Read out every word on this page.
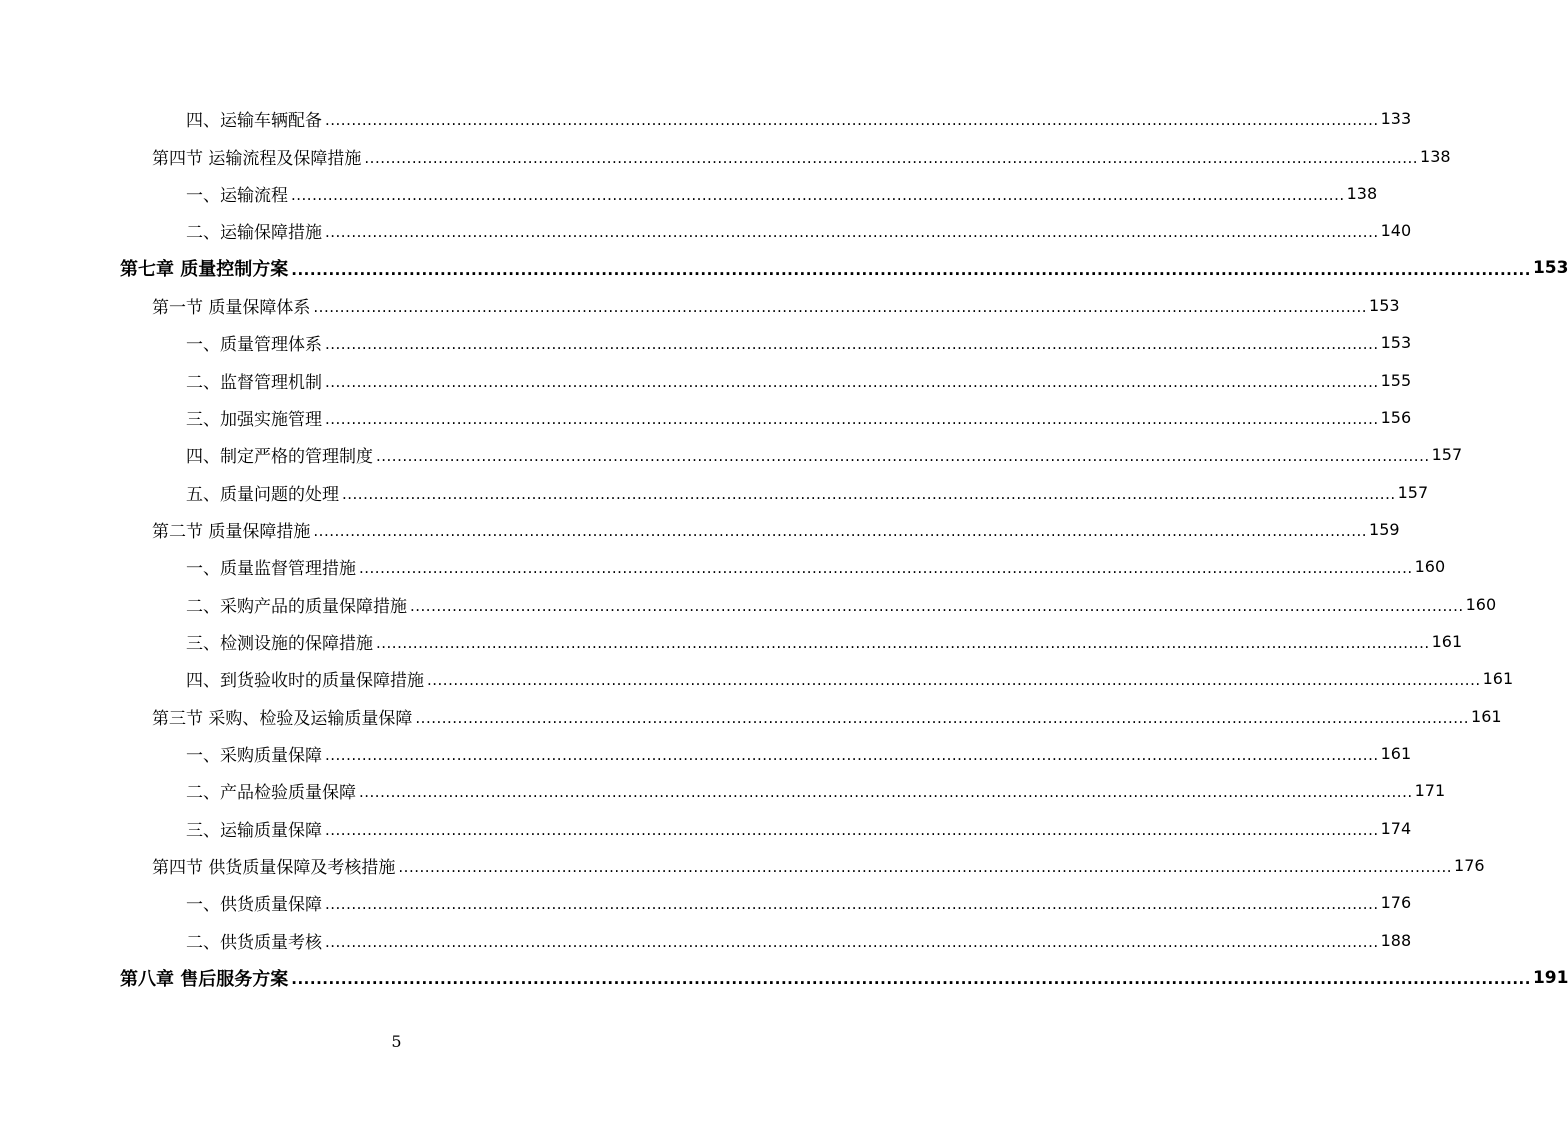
四、运输车辆配备 ........................................................................................................................................................................................................ 133
第四节 运输流程及保障措施 ........................................................................................................................................................................................................ 138
一、运输流程 ........................................................................................................................................................................................................ 138
二、运输保障措施 ........................................................................................................................................................................................................ 140
第七章 质量控制方案 ........................................................................................................................................................................................................ 153
第一节 质量保障体系 ........................................................................................................................................................................................................ 153
一、质量管理体系 ........................................................................................................................................................................................................ 153
二、监督管理机制 ........................................................................................................................................................................................................ 155
三、加强实施管理 ........................................................................................................................................................................................................ 156
四、制定严格的管理制度 ........................................................................................................................................................................................................ 157
五、质量问题的处理 ........................................................................................................................................................................................................ 157
第二节 质量保障措施 ........................................................................................................................................................................................................ 159
一、质量监督管理措施 ........................................................................................................................................................................................................ 160
二、采购产品的质量保障措施 ........................................................................................................................................................................................................ 160
三、检测设施的保障措施 ........................................................................................................................................................................................................ 161
四、到货验收时的质量保障措施 ........................................................................................................................................................................................................ 161
第三节 采购、检验及运输质量保障 ........................................................................................................................................................................................................ 161
一、采购质量保障 ........................................................................................................................................................................................................ 161
二、产品检验质量保障 ........................................................................................................................................................................................................ 171
三、运输质量保障 ........................................................................................................................................................................................................ 174
第四节 供货质量保障及考核措施 ........................................................................................................................................................................................................ 176
一、供货质量保障 ........................................................................................................................................................................................................ 176
二、供货质量考核 ........................................................................................................................................................................................................ 188
第八章 售后服务方案 ........................................................................................................................................................................................................ 191
5
